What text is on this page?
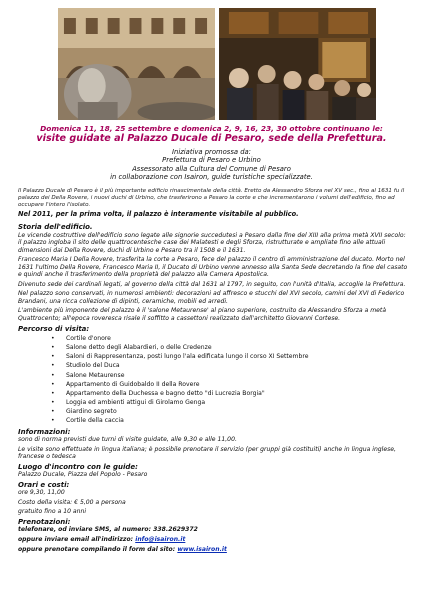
Domenica 11, 18, 25 settembre e domenica 2, 9, 16, 23, 30 ottobre continuano le:
visite guidate al Palazzo Ducale di Pesaro, sede della Prefettura.
Iniziativa promossa da:
Prefettura di Pesaro e Urbino
Assessorato alla Cultura del Comune di Pesaro
in collaborazione con Isairon, guide turistiche specializzate.
Il Palazzo Ducale di Pesaro è il più importante edificio rinascimentale della città. Eretto da Alessandro Sforza nel XV sec., fino al 1631 fu il palazzo dei Della Rovere, i nuovi duchi di Urbino, che trasferirono a Pesaro la corte e che incrementarono i volumi dell'edificio, fino ad occupare l'intero l'isolato.
Nel 2011, per la prima volta, il palazzo è interamente visitabile al pubblico.
Storia dell'edificio.

Le vicende costruttive dell'edificio sono legate alle signorie succedutesi a Pesaro dalla fine del XIII alla prima metà XVII secolo: il palazzo ingloba il sito delle quattrocentesche case dei Malatesti e degli Sforza, ristrutturate e ampliate fino alle attuali dimensioni dai Della Rovere, duchi di Urbino e Pesaro tra il 1508 e il 1631.

Francesco Maria I Della Rovere, trasferita la corte a Pesaro, fece del palazzo il centro di amministrazione del ducato. Morto nel 1631 l'ultimo Della Rovere, Francesco Maria II, il Ducato di Urbino venne annesso alla Santa Sede decretando la fine del casato e quindi anche il trasferimento della proprietà del palazzo alla Camera Apostolica.

Divenuto sede dei cardinali legati, al governo della città dal 1631 al 1797, in seguito, con l'unità d'Italia, accoglie la Prefettura.

Nel palazzo sono conservati, in numerosi ambienti: decorazioni ad affresco e stucchi del XVI secolo, camini del XVI di Federico Brandani, una ricca collezione di dipinti, ceramiche, mobili ed arredi.

L'ambiente più imponente del palazzo è il 'salone Metaurense' al piano superiore, costruito da Alessandro Sforza a metà Quattrocento; all'epoca roveresca risale il soffitto a cassettoni realizzato dall'architetto Giovanni Cortese.

Percorso di visita:
• Cortile d'onore
• Salone detto degli Alabardieri, o delle Credenze
• Saloni di Rappresentanza, posti lungo l'ala edificata lungo il corso XI Settembre
• Studiolo del Duca
• Salone Metaurense
• Appartamento di Guidobaldo II della Rovere
• Appartamento della Duchessa e bagno detto "di Lucrezia Borgia"
• Loggia ed ambienti attigui di Girolamo Genga
• Giardino segreto
• Cortile della caccia
Informazioni:

sono di norma previsti due turni di visite guidate, alle 9,30 e alle 11,00.

Le visite sono effettuate in lingua italiana; è possibile prenotare il servizio (per gruppi già costituiti) anche in lingua inglese, francese o tedesca

Luogo d'incontro con le guide:

Palazzo Ducale, Piazza del Popolo - Pesaro

Orari e costi:

ore 9,30, 11,00

Costo della visita: € 5,00 a persona

gratuito fino a 10 anni

Prenotazioni:

telefonare, od inviare SMS, al numero: 338.2629372

oppure inviare email all'indirizzo: info@isairon.it

oppure prenotare compilando il form dal sito: www.isairon.it
